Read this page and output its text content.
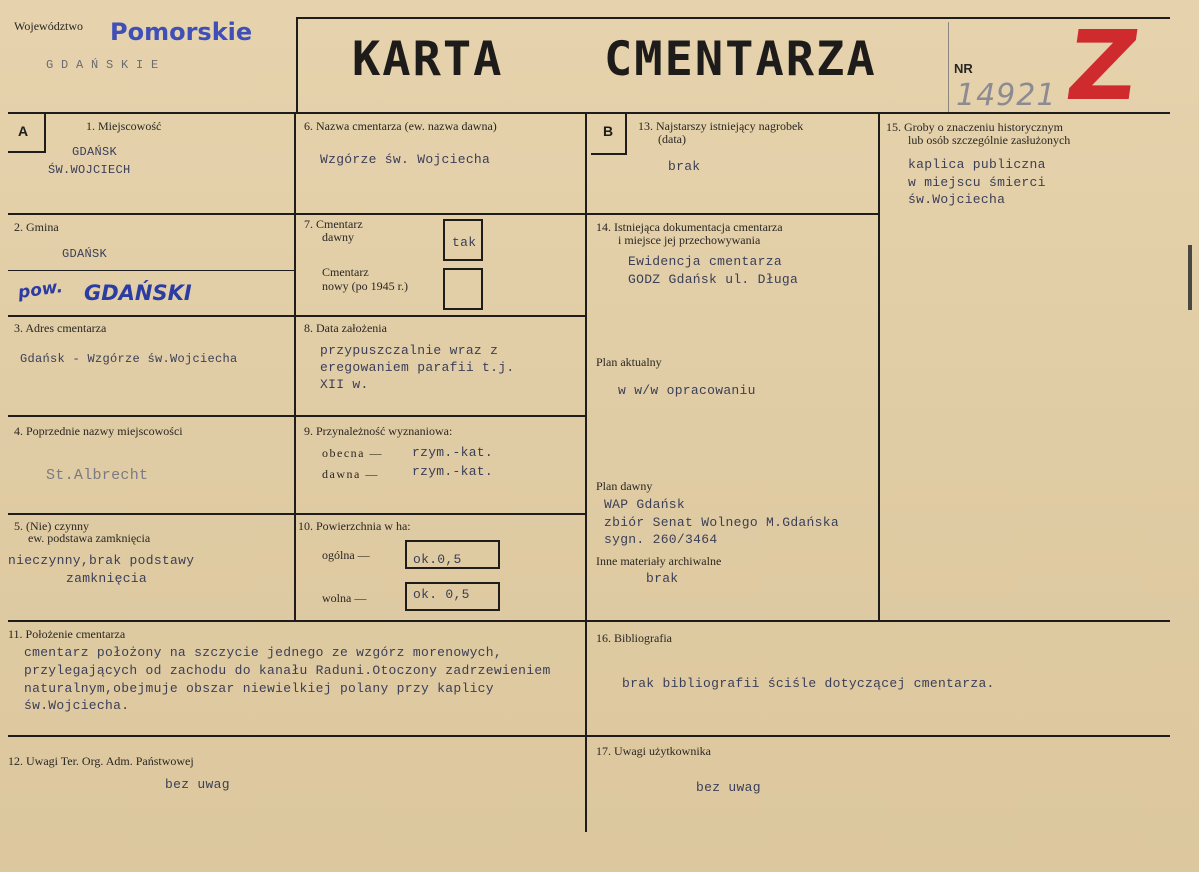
Województwo Pomorskie
G D A Ń S K I E	KARTA CMENTARZA	NR
14921 Z
A	B
1. Miejscowość
GDAŃSK
ŚW.WOJCIECH
2. Gmina
GDAŃSK
pow. GDAŃSKI
3. Adres cmentarza
Gdańsk - Wzgórze św.Wojciecha
4. Poprzednie nazwy miejscowości
St.Albrecht
5. (Nie) czynny
ew. podstawa zamknięcia
nieczynny,brak podstawy
zamknięcia
6. Nazwa cmentarza (ew. nazwa dawna)
Wzgórze św. Wojciecha
7. Cmentarz
dawny	tak
Cmentarz
nowy (po 1945 r.)
8. Data założenia
przypuszczalnie wraz z
eregowaniem parafii t.j.
XII w.
9. Przynależność wyznaniowa:
obecna — rzym.-kat.
dawna —	rzym.-kat.
10. Powierzchnia w ha:
ogólna —	ok.0,5
wolna —	ok. 0,5
11. Położenie cmentarza
cmentarz położony na szczycie jednego ze wzgórz morenowych,
przylegających od zachodu do kanału Raduni.Otoczony zadrzewieniem
naturalnym,obejmuje obszar niewielkiej polany przy kaplicy
św.Wojciecha.
12. Uwagi Ter. Org. Adm. Państwowej
bez uwag
13. Najstarszy istniejący nagrobek
(data)
brak
14. Istniejąca dokumentacja cmentarza
i miejsce jej przechowywania
Ewidencja cmentarza
GODZ Gdańsk ul. Długa
Plan aktualny
w w/w opracowaniu
Plan dawny
WAP Gdańsk
zbiór Senat Wolnego M.Gdańska
sygn. 260/3464
Inne materiały archiwalne
brak
15. Groby o znaczeniu historycznym
lub osób szczególnie zasłużonych
kaplica publiczna
w miejscu śmierci
św.Wojciecha
16. Bibliografia
brak bibliografii ściśle dotyczącej cmentarza.
17. Uwagi użytkownika
bez uwag
